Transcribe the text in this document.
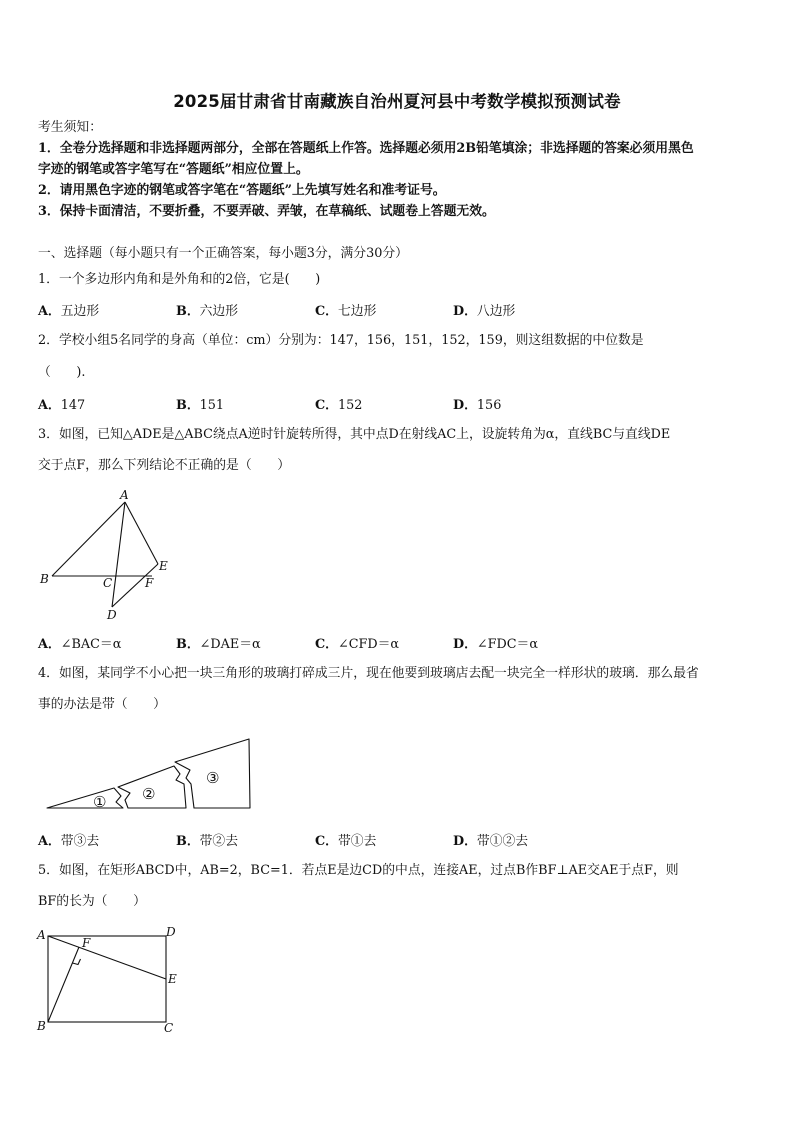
2025届甘肃省甘南藏族自治州夏河县中考数学模拟预测试卷
考生须知：
1．全卷分选择题和非选择题两部分，全部在答题纸上作答。选择题必须用2B铅笔填涂；非选择题的答案必须用黑色
字迹的钢笔或答字笔写在“答题纸”相应位置上。
2．请用黑色字迹的钢笔或答字笔在“答题纸”上先填写姓名和准考证号。
3．保持卡面清洁，不要折叠，不要弄破、弄皱，在草稿纸、试题卷上答题无效。
一、选择题（每小题只有一个正确答案，每小题3分，满分30分）
1．一个多边形内角和是外角和的2倍，它是(　　)
A．五边形	B．六边形	C．七边形	D．八边形
2．学校小组5名同学的身高（单位：cm）分别为：147，156，151，152，159，则这组数据的中位数是
（　　).
A．147	B．151	C．152	D．156
3．如图，已知△ADE是△ABC绕点A逆时针旋转所得，其中点D在射线AC上，设旋转角为α，直线BC与直线DE
交于点F，那么下列结论不正确的是（　　）
A
B	C
D
E
F
A．∠BAC＝α	B．∠DAE＝α	C．∠CFD＝α	D．∠FDC＝α
4．如图，某同学不小心把一块三角形的玻璃打碎成三片，现在他要到玻璃店去配一块完全一样形状的玻璃．那么最省
事的办法是带（　　）
① ②
③
A．带③去	B．带②去	C．带①去	D．带①②去
5．如图，在矩形ABCD中，AB=2，BC=1．若点E是边CD的中点，连接AE，过点B作BF⊥AE交AE于点F，则
BF的长为（　　）
A
B	C
D
E
F
